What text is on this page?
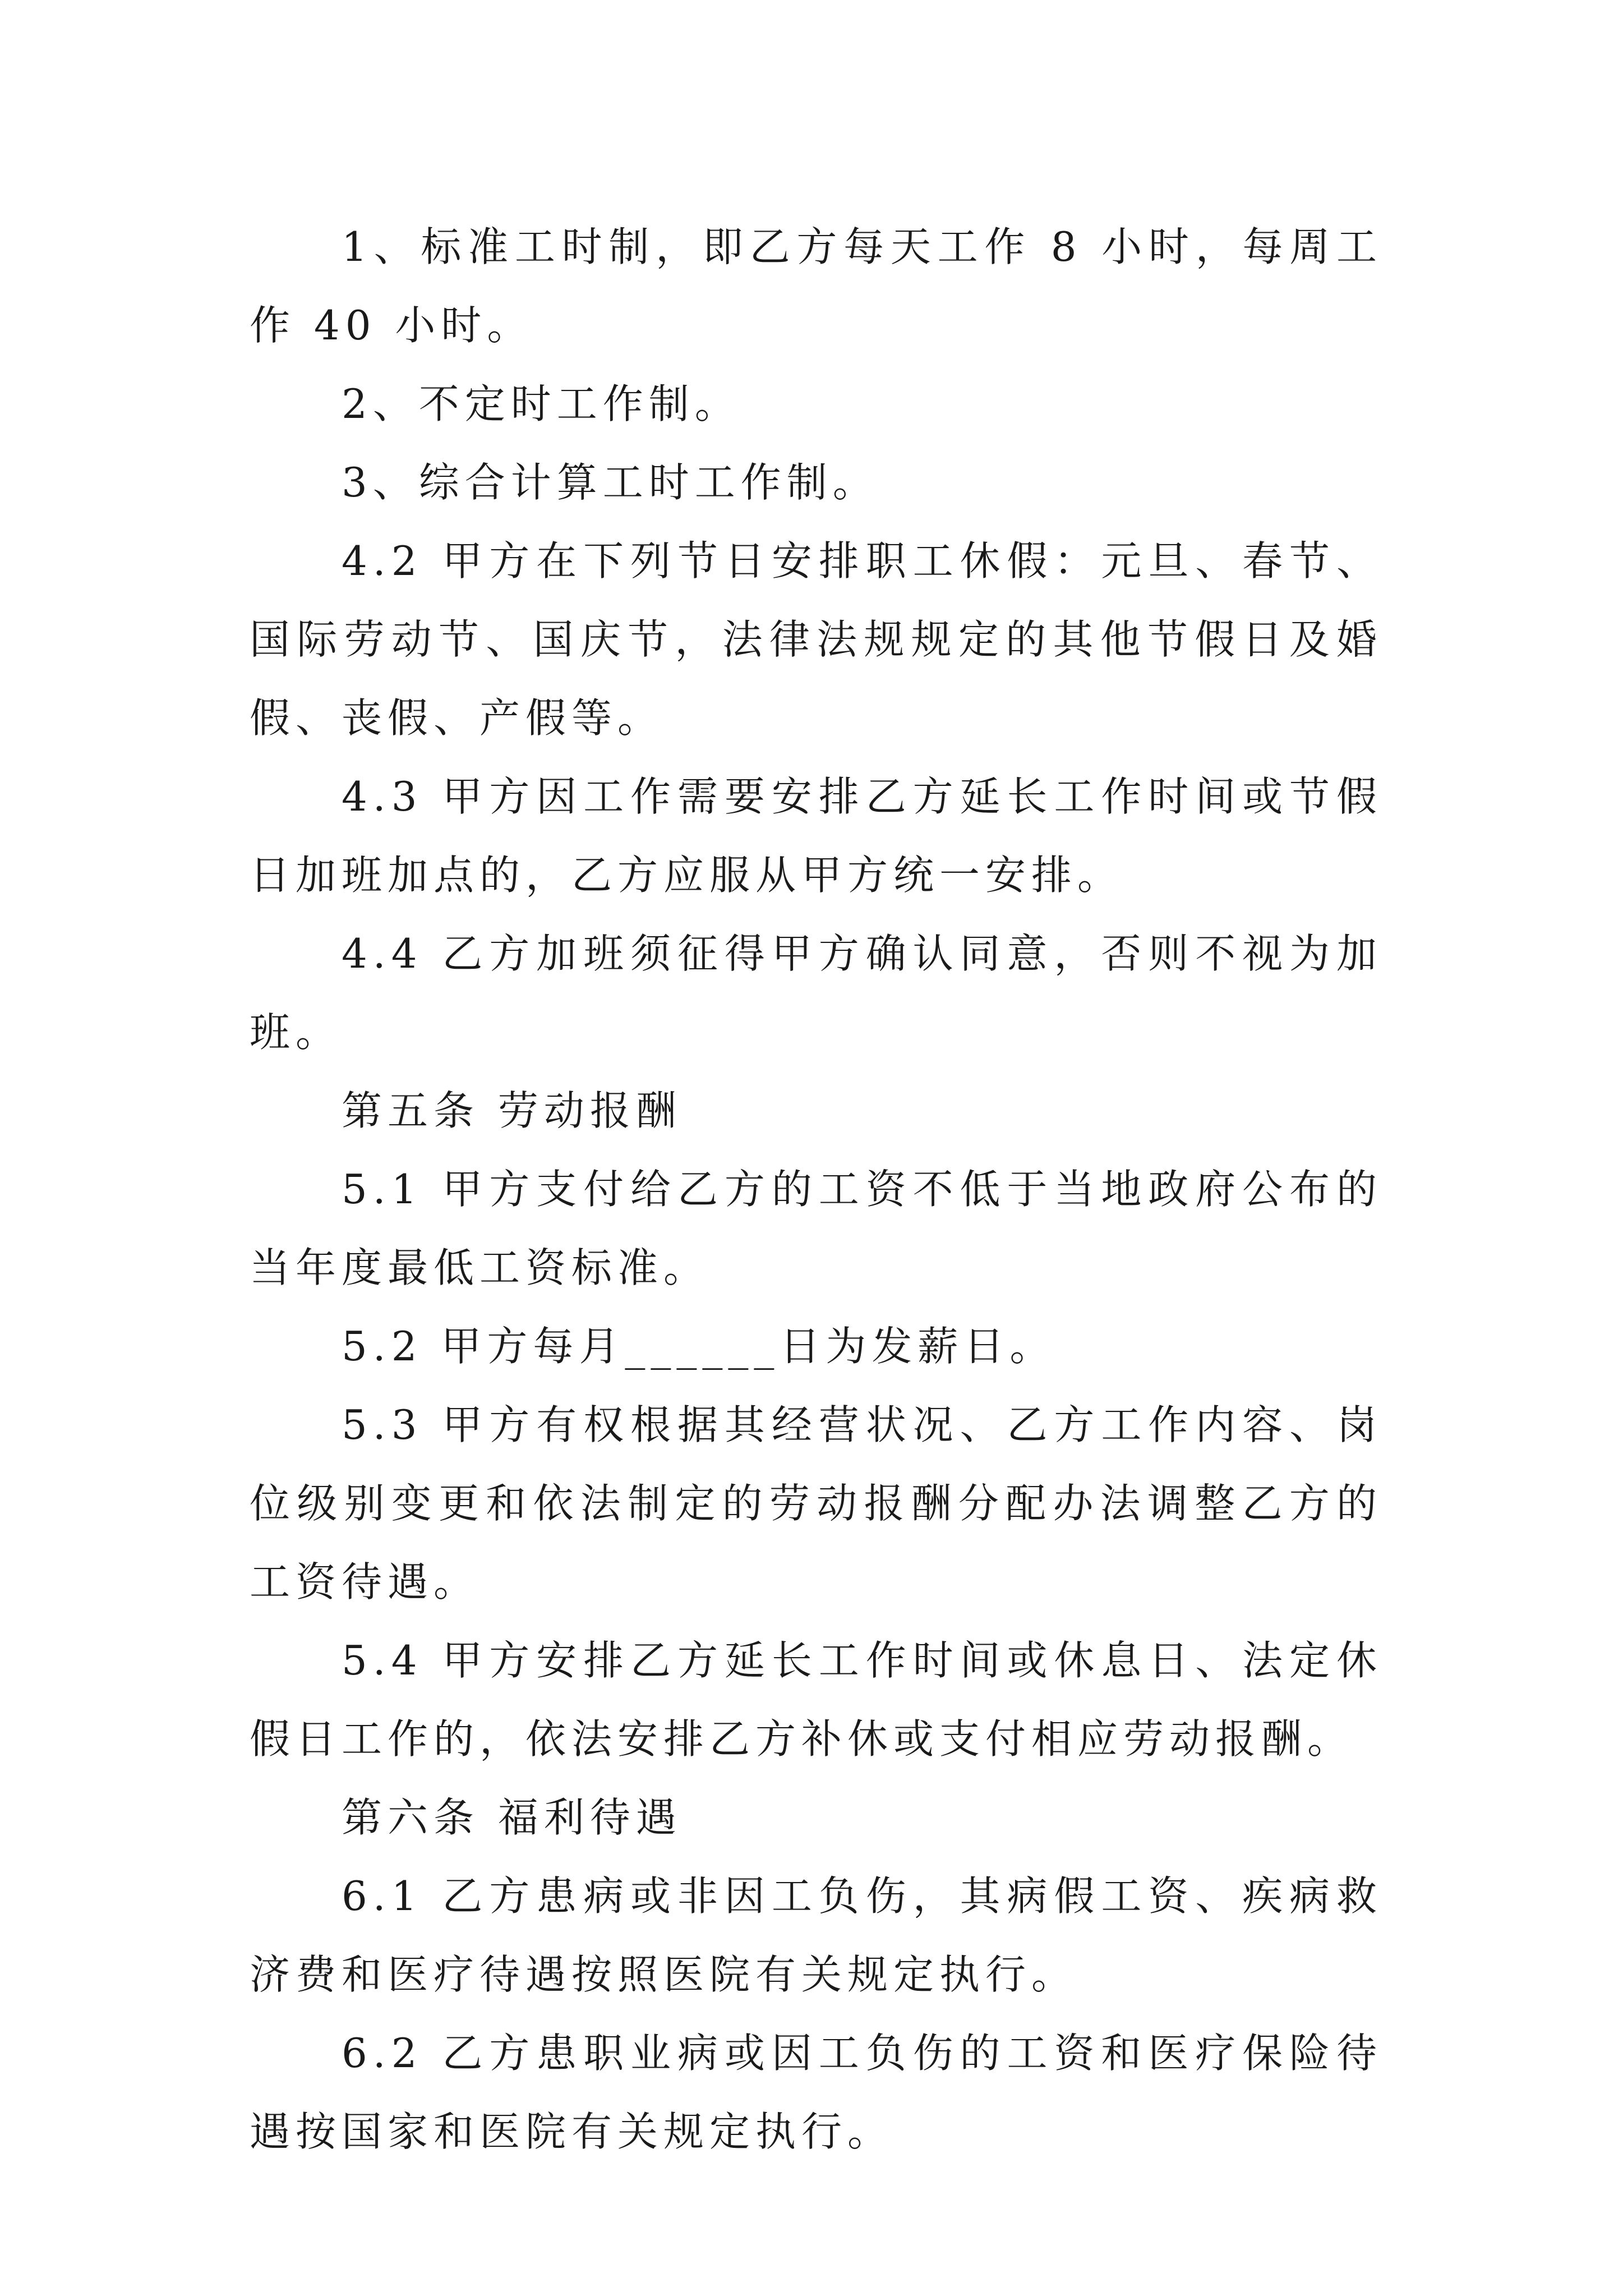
1、标准工时制，即乙方每天工作 8 小时，每周工作 40 小时。

2、不定时工作制。

3、综合计算工时工作制。

4.2 甲方在下列节日安排职工休假：元旦、春节、国际劳动节、国庆节，法律法规规定的其他节假日及婚假、丧假、产假等。

4.3 甲方因工作需要安排乙方延长工作时间或节假日加班加点的，乙方应服从甲方统一安排。

4.4 乙方加班须征得甲方确认同意，否则不视为加班。

第五条 劳动报酬

5.1 甲方支付给乙方的工资不低于当地政府公布的当年度最低工资标准。

5.2 甲方每月______日为发薪日。

5.3 甲方有权根据其经营状况、乙方工作内容、岗位级别变更和依法制定的劳动报酬分配办法调整乙方的工资待遇。

5.4 甲方安排乙方延长工作时间或休息日、法定休假日工作的，依法安排乙方补休或支付相应劳动报酬。

第六条 福利待遇

6.1 乙方患病或非因工负伤，其病假工资、疾病救济费和医疗待遇按照医院有关规定执行。

6.2 乙方患职业病或因工负伤的工资和医疗保险待遇按国家和医院有关规定执行。
